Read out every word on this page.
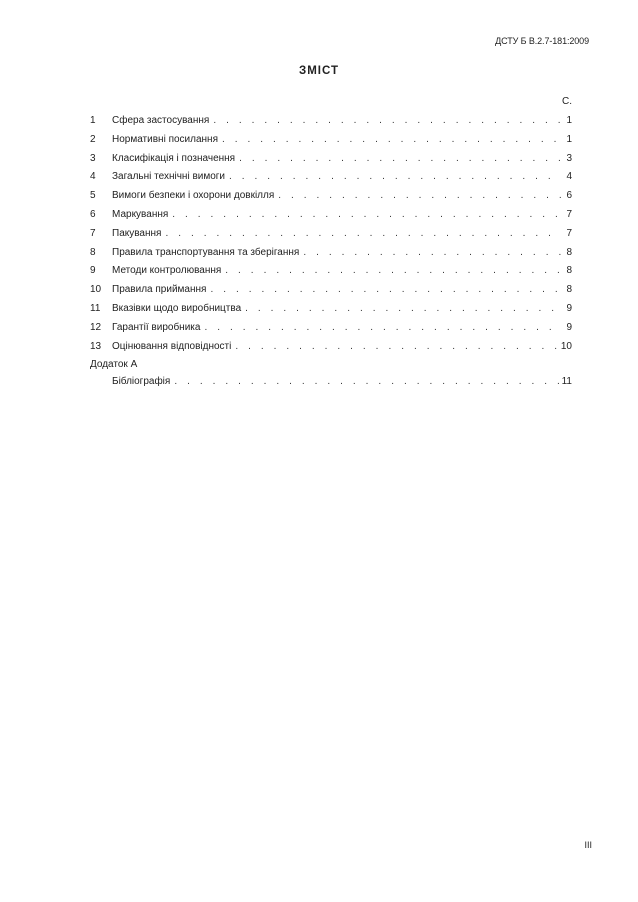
ДСТУ Б В.2.7-181:2009
ЗМІСТ
С.
1	Сфера застосування . . .	1
2	Нормативні посилання . . .	1
3	Класифікація і позначення . . .	3
4	Загальні технічні вимоги . . .	4
5	Вимоги безпеки і охорони довкілля . . .	6
6	Маркування . . .	7
7	Пакування . . .	7
8	Правила транспортування та зберігання . . .	8
9	Методи контролювання . . .	8
10	Правила приймання . . .	8
11	Вказівки щодо виробництва . . .	9
12	Гарантії виробника . . .	9
13	Оцінювання відповідності . . .	10
Додаток А
Бібліографія . . .	11
III
